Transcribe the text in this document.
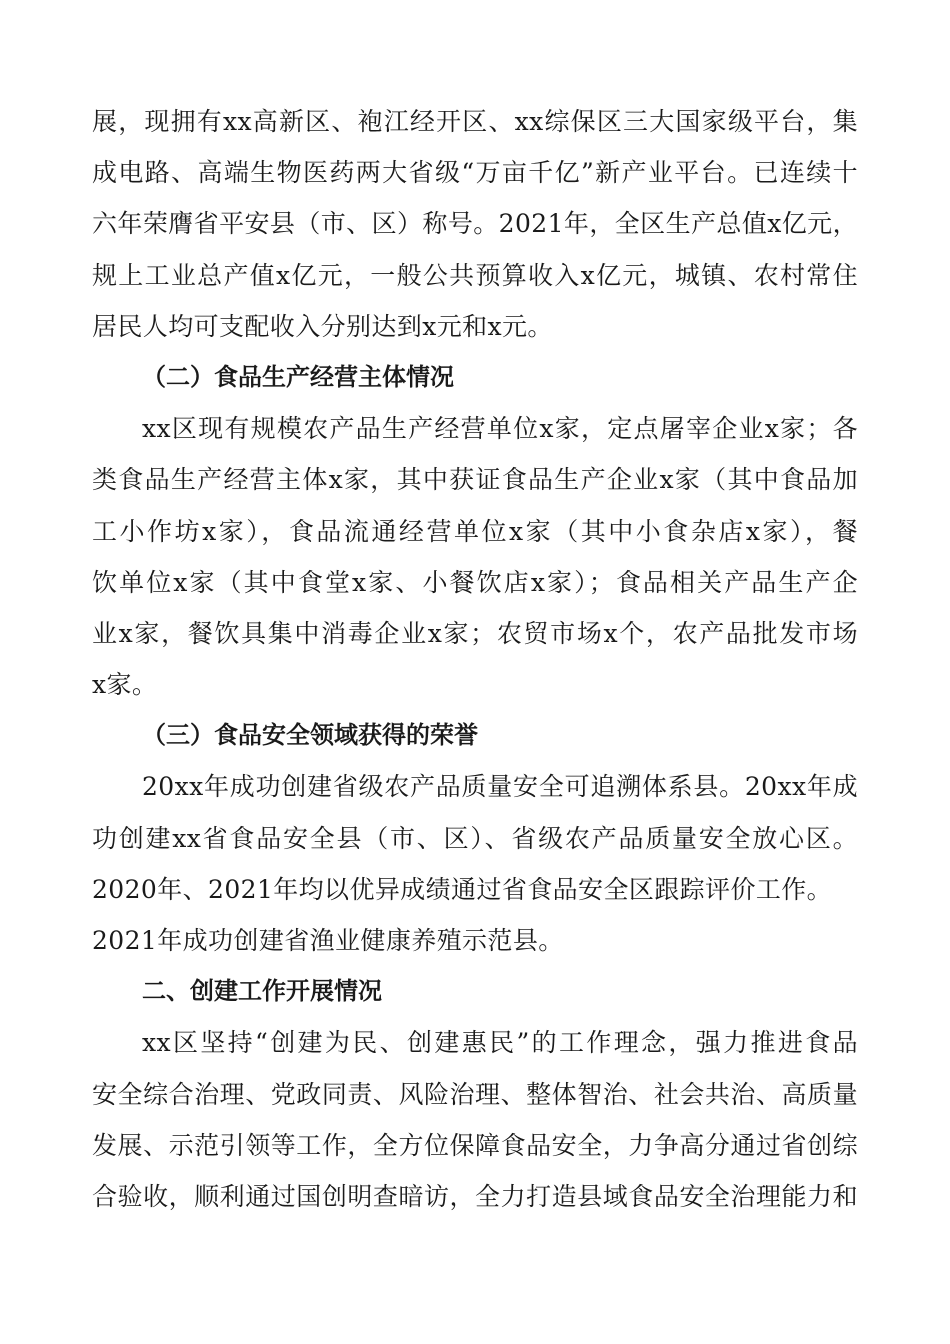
展，现拥有xx高新区、袍江经开区、xx综保区三大国家级平台，集
成电路、高端生物医药两大省级“万亩千亿”新产业平台。已连续十
六年荣膺省平安县（市、区）称号。2021年，全区生产总值x亿元，
规上工业总产值x亿元，一般公共预算收入x亿元，城镇、农村常住
居民人均可支配收入分别达到x元和x元。
（二）食品生产经营主体情况
xx区现有规模农产品生产经营单位x家，定点屠宰企业x家；各
类食品生产经营主体x家，其中获证食品生产企业x家（其中食品加
工小作坊x家），食品流通经营单位x家（其中小食杂店x家），餐
饮单位x家（其中食堂x家、小餐饮店x家）；食品相关产品生产企
业x家，餐饮具集中消毒企业x家；农贸市场x个，农产品批发市场
x家。
（三）食品安全领域获得的荣誉
20xx年成功创建省级农产品质量安全可追溯体系县。20xx年成
功创建xx省食品安全县（市、区）、省级农产品质量安全放心区。
2020年、2021年均以优异成绩通过省食品安全区跟踪评价工作。
2021年成功创建省渔业健康养殖示范县。
二、创建工作开展情况
xx区坚持“创建为民、创建惠民”的工作理念，强力推进食品
安全综合治理、党政同责、风险治理、整体智治、社会共治、高质量
发展、示范引领等工作，全方位保障食品安全，力争高分通过省创综
合验收，顺利通过国创明查暗访，全力打造县域食品安全治理能力和
